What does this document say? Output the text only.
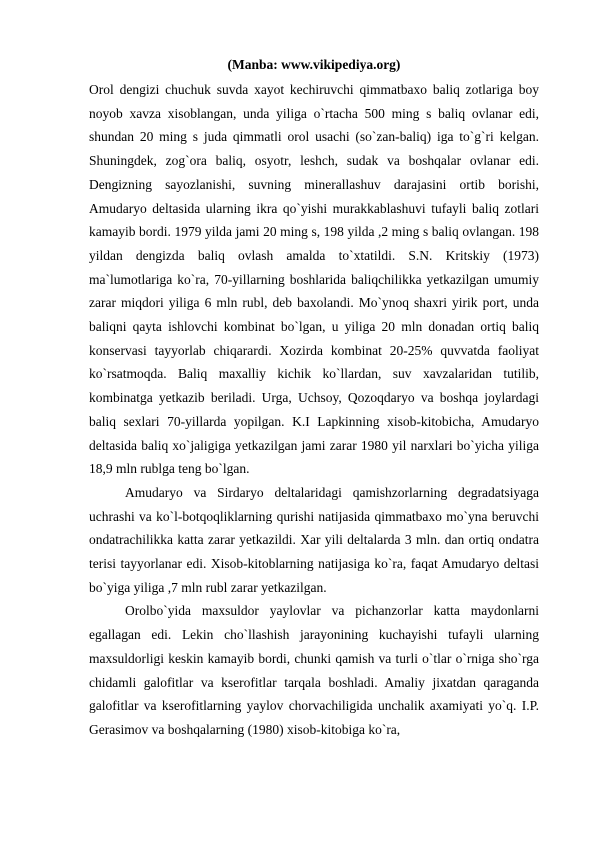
(Manba: www.vikipediya.org)

Orol dengizi chuchuk suvda xayot kechiruvchi qimmatbaxo baliq zotlariga boy noyob xavza xisoblangan, unda yiliga o`rtacha 500 ming s baliq ovlanar edi, shundan 20 ming s juda qimmatli orol usachi (so`zan-baliq) iga to`g`ri kelgan. Shuningdek, zog`ora baliq, osyotr, leshch, sudak va boshqalar ovlanar edi. Dengizning sayozlanishi, suvning minerallashuv darajasini ortib borishi, Amudaryo deltasida ularning ikra qo`yishi murakkablashuvi tufayli baliq zotlari kamayib bordi. 1979 yilda jami 20 ming s, 198 yilda ,2 ming s baliq ovlangan. 198 yildan dengizda baliq ovlash amalda to`xtatildi. S.N. Kritskiy (1973) ma`lumotlariga ko`ra, 70-yillarning boshlarida baliqchilikka yetkazilgan umumiy zarar miqdori yiliga 6 mln rubl, deb baxolandi. Mo`ynoq shaxri yirik port, unda baliqni qayta ishlovchi kombinat bo`lgan, u yiliga 20 mln donadan ortiq baliq konservasi tayyorlab chiqarardi. Xozirda kombinat 20-25% quvvatda faoliyat ko`rsatmoqda. Baliq maxalliy kichik ko`llardan, suv xavzalaridan tutilib, kombinatga yetkazib beriladi. Urga, Uchsoy, Qozoqdaryo va boshqa joylardagi baliq sexlari 70-yillarda yopilgan. K.I Lapkinning xisob-kitobicha, Amudaryo deltasida baliq xo`jaligiga yetkazilgan jami zarar 1980 yil narxlari bo`yicha yiliga 18,9 mln rublga teng bo`lgan.

Amudaryo va Sirdaryo deltalaridagi qamishzorlarning degradatsiyaga uchrashi va ko`l-botqoqliklarning qurishi natijasida qimmatbaxo mo`yna beruvchi ondatrachilikka katta zarar yetkazildi. Xar yili deltalarda 3 mln. dan ortiq ondatra terisi tayyorlanar edi. Xisob-kitoblarning natijasiga ko`ra, faqat Amudaryo deltasi bo`yiga yiliga ,7 mln rubl zarar yetkazilgan.

Orolbo`yida maxsuldor yaylovlar va pichanzorlar katta maydonlarni egallagan edi. Lekin cho`llashish jarayonining kuchayishi tufayli ularning maxsuldorligi keskin kamayib bordi, chunki qamish va turli o`tlar o`rniga sho`rga chidamli galofitlar va kserofitlar tarqala boshladi. Amaliy jixatdan qaraganda galofitlar va kserofitlarning yaylov chorvachiligida unchalik axamiyati yo`q. I.P. Gerasimov va boshqalarning (1980) xisob-kitobiga ko`ra,
